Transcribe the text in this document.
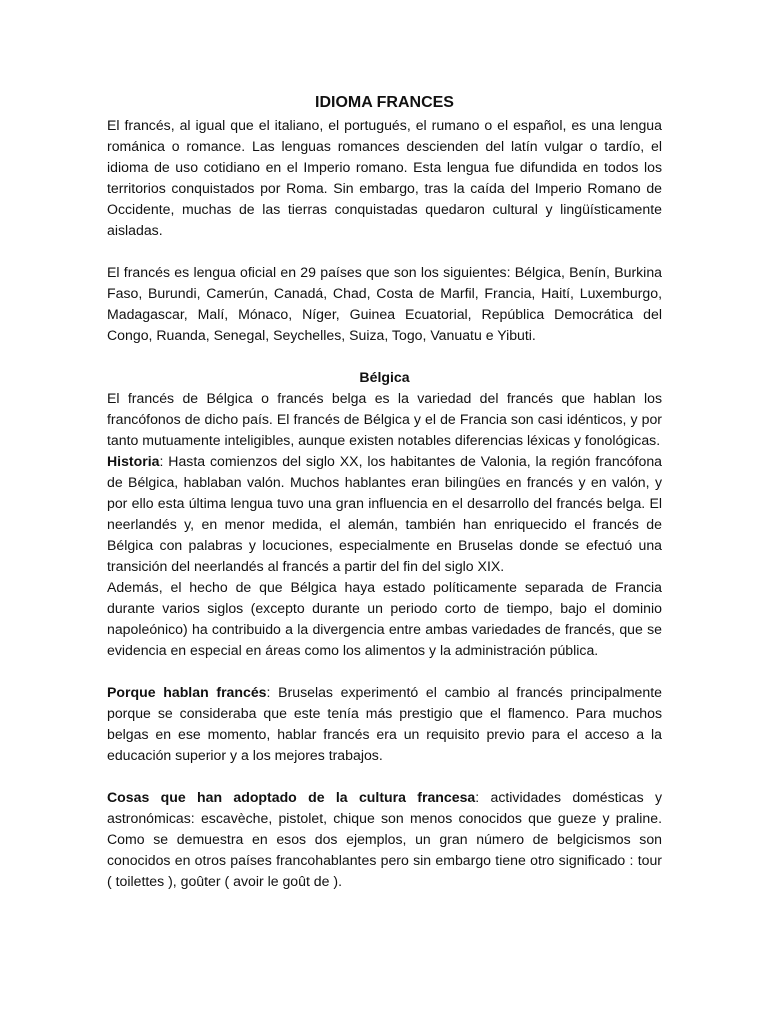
IDIOMA FRANCES

El francés, al igual que el italiano, el portugués, el rumano o el español, es una lengua románica o romance. Las lenguas romances descienden del latín vulgar o tardío, el idioma de uso cotidiano en el Imperio romano. Esta lengua fue difundida en todos los territorios conquistados por Roma. Sin embargo, tras la caída del Imperio Romano de Occidente, muchas de las tierras conquistadas quedaron cultural y lingüísticamente aisladas.

El francés es lengua oficial en 29 países que son los siguientes: Bélgica, Benín, Burkina Faso, Burundi, Camerún, Canadá, Chad, Costa de Marfil, Francia, Haití, Luxemburgo, Madagascar, Malí, Mónaco, Níger, Guinea Ecuatorial, República Democrática del Congo, Ruanda, Senegal, Seychelles, Suiza, Togo, Vanuatu e Yibuti.

Bélgica

El francés de Bélgica o francés belga es la variedad del francés que hablan los francófonos de dicho país. El francés de Bélgica y el de Francia son casi idénticos, y por tanto mutuamente inteligibles, aunque existen notables diferencias léxicas y fonológicas.

Historia: Hasta comienzos del siglo XX, los habitantes de Valonia, la región francófona de Bélgica, hablaban valón. Muchos hablantes eran bilingües en francés y en valón, y por ello esta última lengua tuvo una gran influencia en el desarrollo del francés belga. El neerlandés y, en menor medida, el alemán, también han enriquecido el francés de Bélgica con palabras y locuciones, especialmente en Bruselas donde se efectuó una transición del neerlandés al francés a partir del fin del siglo XIX.

Además, el hecho de que Bélgica haya estado políticamente separada de Francia durante varios siglos (excepto durante un periodo corto de tiempo, bajo el dominio napoleónico) ha contribuido a la divergencia entre ambas variedades de francés, que se evidencia en especial en áreas como los alimentos y la administración pública.

Porque hablan francés: Bruselas experimentó el cambio al francés principalmente porque se consideraba que este tenía más prestigio que el flamenco. Para muchos belgas en ese momento, hablar francés era un requisito previo para el acceso a la educación superior y a los mejores trabajos.

Cosas que han adoptado de la cultura francesa: actividades domésticas y astronómicas: escavèche, pistolet, chique son menos conocidos que gueze y praline. Como se demuestra en esos dos ejemplos, un gran número de belgicismos son conocidos en otros países francohablantes pero sin embargo tiene otro significado : tour ( toilettes ), goûter ( avoir le goût de ).
